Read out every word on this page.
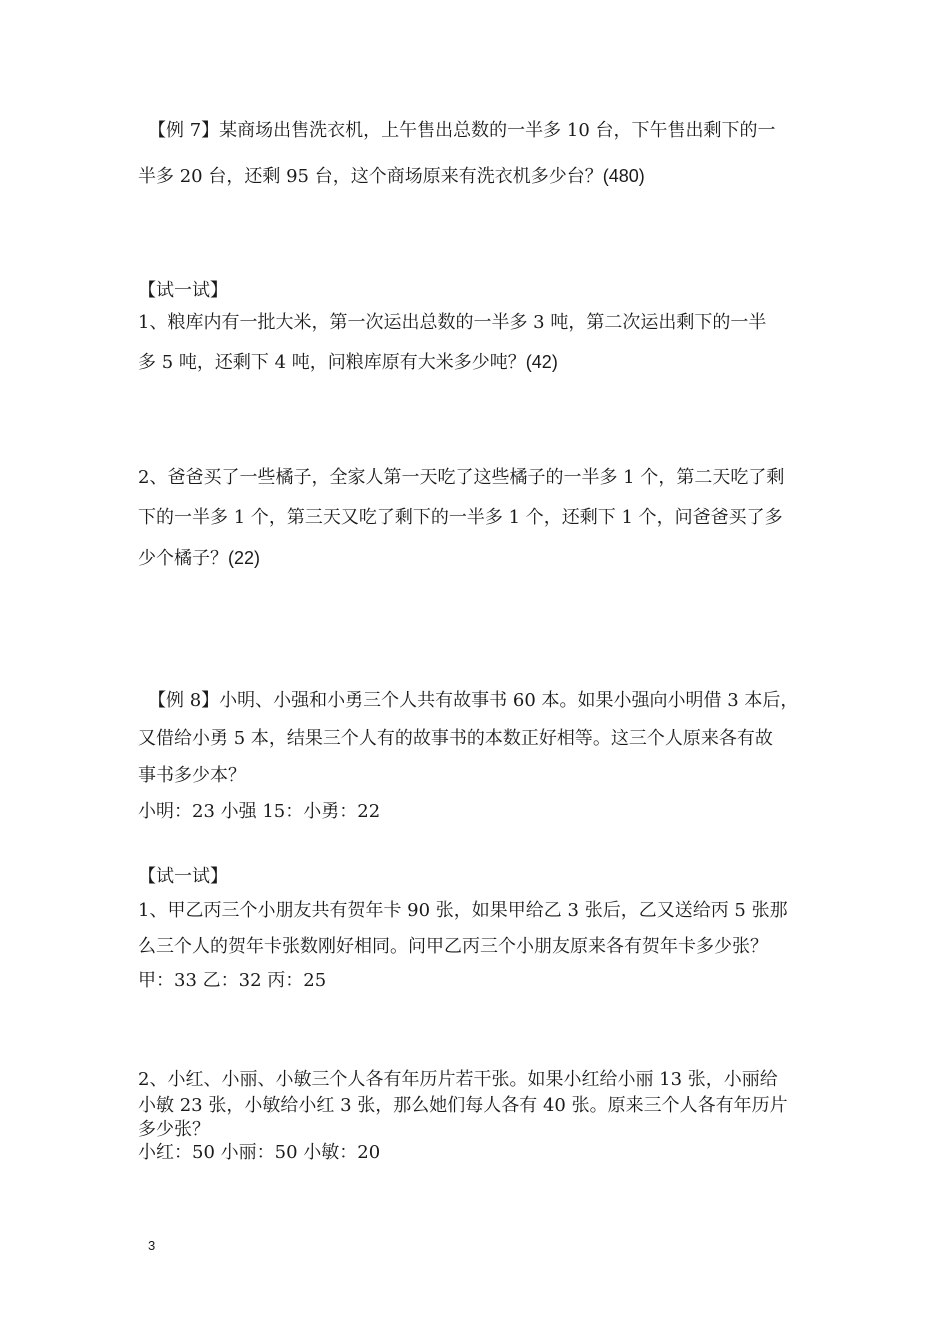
【例 7】某商场出售洗衣机，上午售出总数的一半多 10 台，下午售出剩下的一
半多 20 台，还剩 95 台，这个商场原来有洗衣机多少台？(480)
【试一试】
1、粮库内有一批大米，第一次运出总数的一半多 3 吨，第二次运出剩下的一半
多 5 吨，还剩下 4 吨，问粮库原有大米多少吨？(42)
2、爸爸买了一些橘子，全家人第一天吃了这些橘子的一半多 1 个，第二天吃了剩
下的一半多 1 个，第三天又吃了剩下的一半多 1 个，还剩下 1 个，问爸爸买了多
少个橘子？(22)
【例 8】小明、小强和小勇三个人共有故事书 60 本。如果小强向小明借 3 本后，
又借给小勇 5 本，结果三个人有的故事书的本数正好相等。这三个人原来各有故
事书多少本？
小明：23 小强 15：小勇：22
【试一试】
1、甲乙丙三个小朋友共有贺年卡 90 张，如果甲给乙 3 张后，乙又送给丙 5 张那
么三个人的贺年卡张数刚好相同。问甲乙丙三个小朋友原来各有贺年卡多少张？
甲：33 乙：32 丙：25
2、小红、小丽、小敏三个人各有年历片若干张。如果小红给小丽 13 张，小丽给
小敏 23 张，小敏给小红 3 张，那么她们每人各有 40 张。原来三个人各有年历片
多少张？
小红：50 小丽：50 小敏：20
3
